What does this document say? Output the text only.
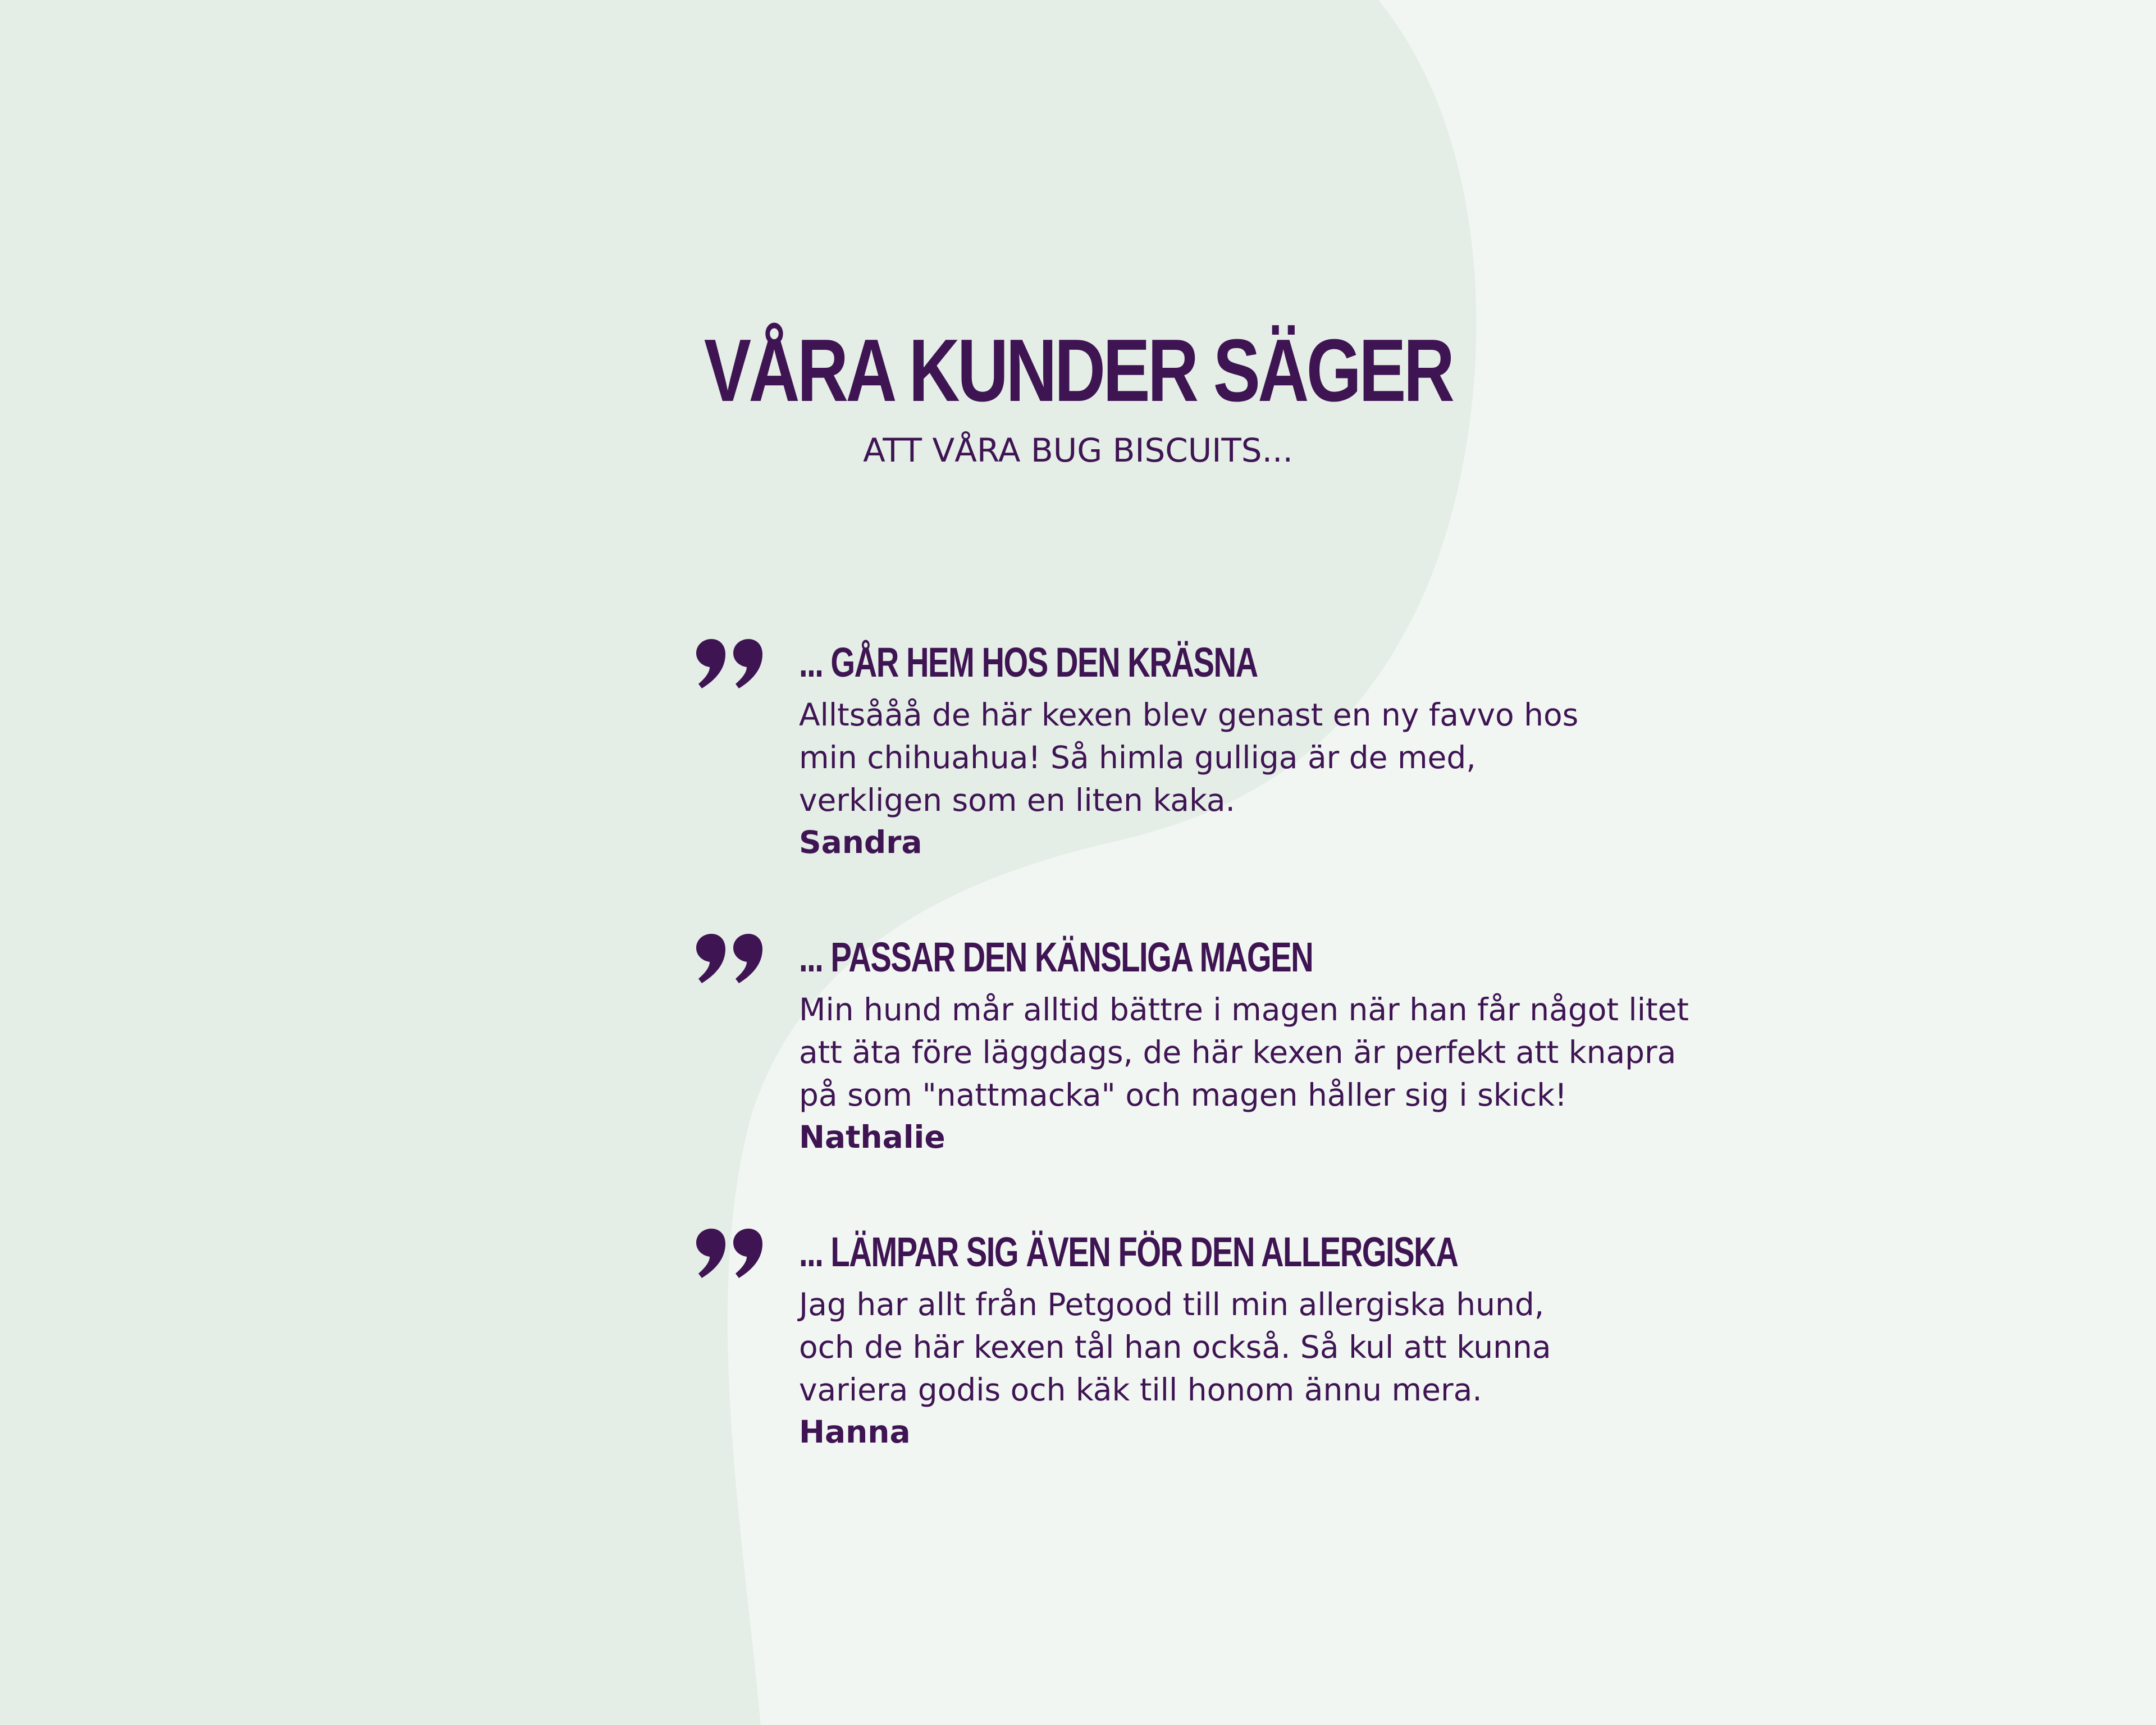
VÅRA KUNDER SÄGER

ATT VÅRA BUG BISCUITS...

... GÅR HEM HOS DEN KRÄSNA

Alltsååå de här kexen blev genast en ny favvo hos
min chihuahua! Så himla gulliga är de med,
verkligen som en liten kaka.

Sandra

... PASSAR DEN KÄNSLIGA MAGEN

Min hund mår alltid bättre i magen när han får något litet
att äta före läggdags, de här kexen är perfekt att knapra
på som "nattmacka" och magen håller sig i skick!

Nathalie

... LÄMPAR SIG ÄVEN FÖR DEN ALLERGISKA

Jag har allt från Petgood till min allergiska hund,
och de här kexen tål han också. Så kul att kunna
variera godis och käk till honom ännu mera.

Hanna
